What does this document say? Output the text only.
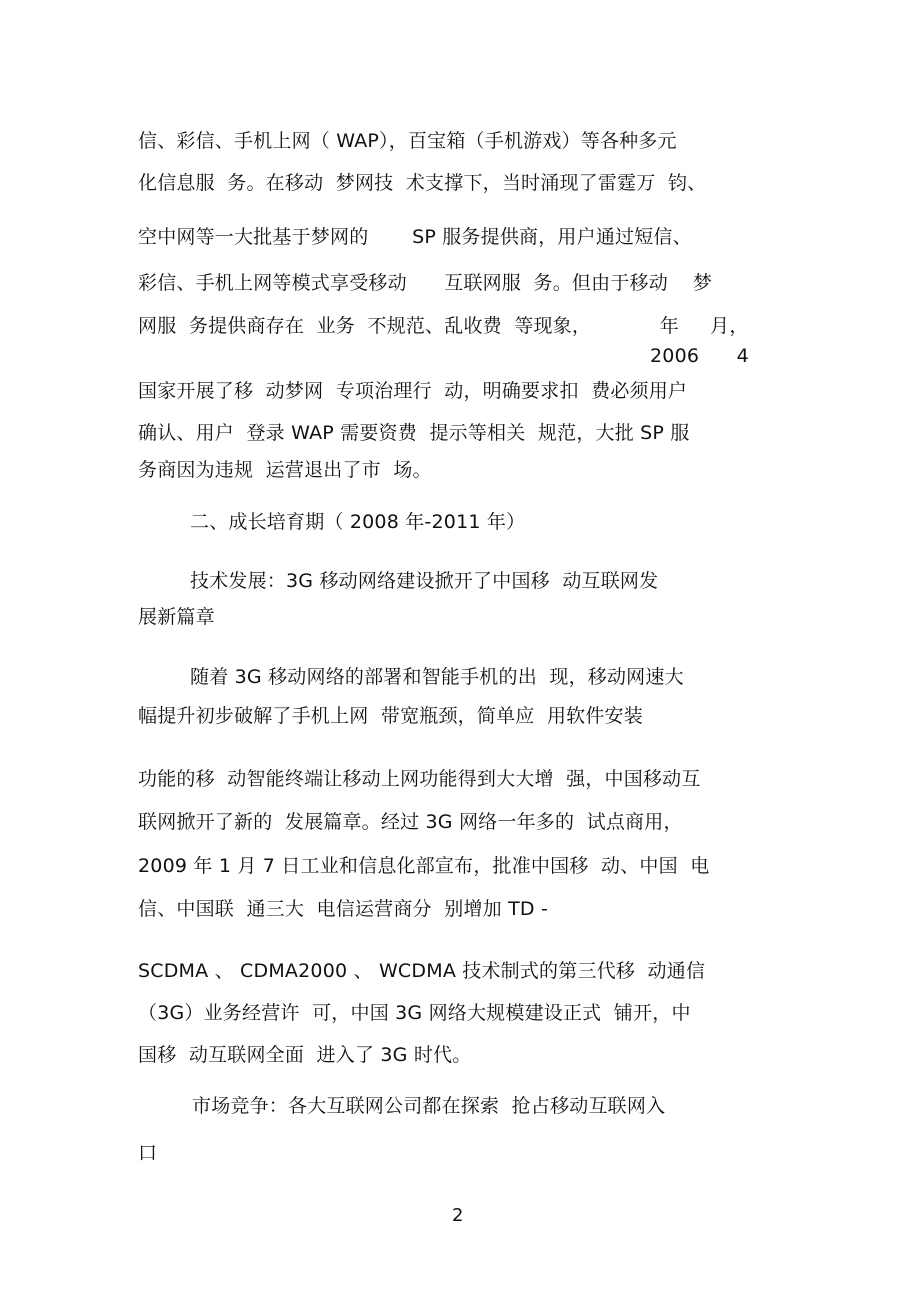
信、彩信、手机上网（ WAP），百宝箱（手机游戏）等各种多元
化信息服  务。在移动  梦网技  术支撑下，当时涌现了雷霆万  钧、
空中网等一大批基于梦网的       SP 服务提供商，用户通过短信、
彩信、手机上网等模式享受移动      互联网服  务。但由于移动    梦
网服  务提供商存在  业务  不规范、乱收费  等现象，           年     月，
2006      4
国家开展了移  动梦网  专项治理行  动，明确要求扣  费必须用户
确认、用户  登录 WAP 需要资费  提示等相关  规范，大批 SP 服
务商因为违规  运营退出了市  场。
二、成长培育期（ 2008 年-2011 年）
技术发展：3G 移动网络建设掀开了中国移  动互联网发
展新篇章
随着 3G 移动网络的部署和智能手机的出  现，移动网速大
幅提升初步破解了手机上网  带宽瓶颈，简单应  用软件安装
功能的移  动智能终端让移动上网功能得到大大增  强，中国移动互
联网掀开了新的  发展篇章。经过 3G 网络一年多的  试点商用，
2009 年 1 月 7 日工业和信息化部宣布，批准中国移  动、中国  电
信、中国联  通三大  电信运营商分  别增加 TD -
SCDMA 、 CDMA2000 、 WCDMA 技术制式的第三代移  动通信
（3G）业务经营许  可，中国 3G 网络大规模建设正式  铺开，中
国移  动互联网全面  进入了 3G 时代。
市场竞争：各大互联网公司都在探索  抢占移动互联网入
口
2
